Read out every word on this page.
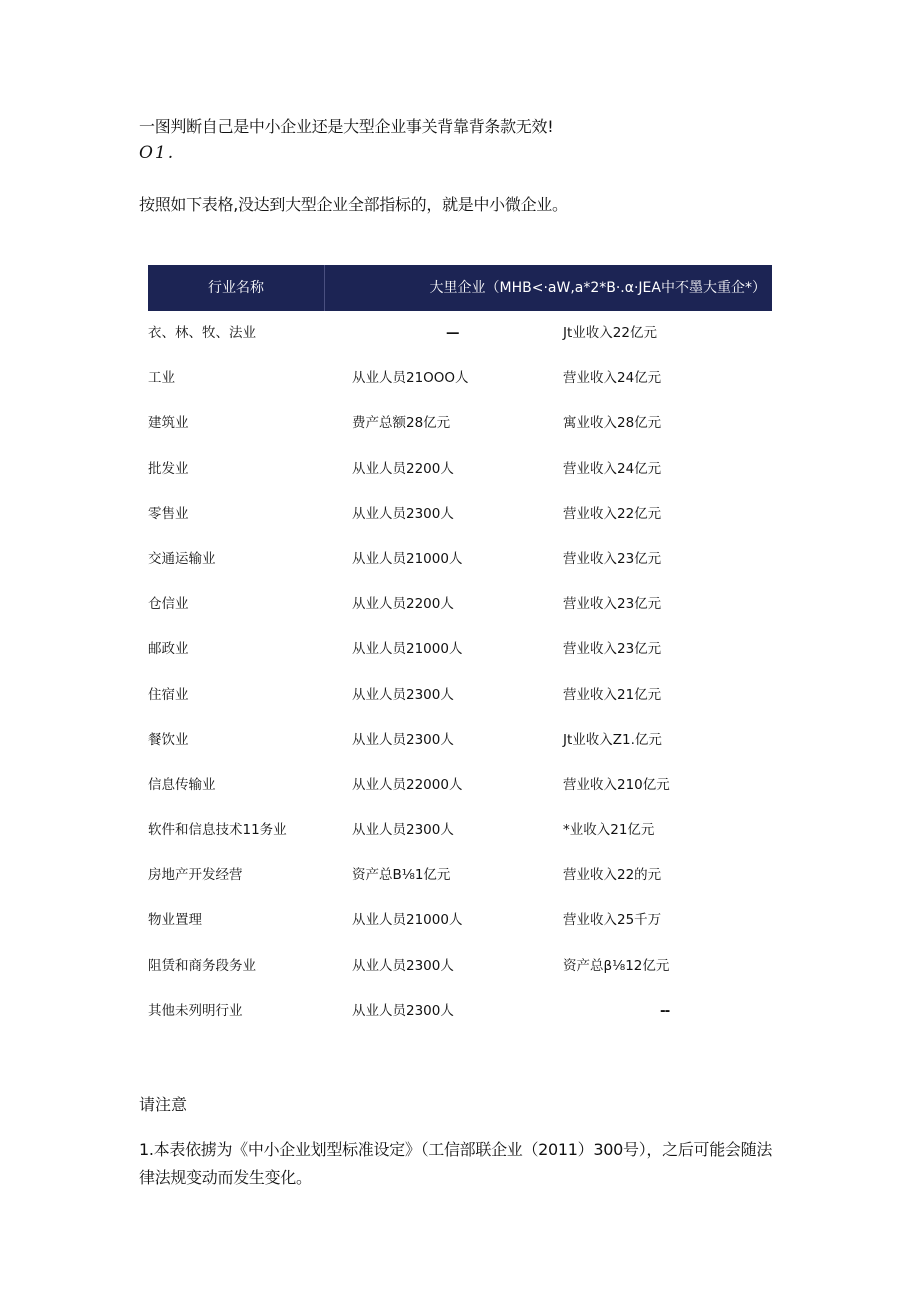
一图判断自己是中小企业还是大型企业事关背靠背条款无效!
O1.
按照如下表格,没达到大型企业全部指标的，就是中小微企业。
行业名称	大里企业（MHB<·aW,a*2*B·.α·JEA中不墨大重企*）
衣、林、牧、法业	—	Jt业收入22亿元
工业	从业人员21OOO人	营业收入24亿元
建筑业	费产总额28亿元	寓业收入28亿元
批发业	从业人员2200人	营业收入24亿元
零售业	从业人员2300人	营业收入22亿元
交通运输业	从业人员21000人	营业收入23亿元
仓信业	从业人员2200人	营业收入23亿元
邮政业	从业人员21000人	营业收入23亿元
住宿业	从业人员2300人	营业收入21亿元
餐饮业	从业人员2300人	Jt业收入Z1.亿元
信息传输业	从业人员22000人	营业收入210亿元
软件和信息技术11务业	从业人员2300人	*业收入21亿元
房地产开发经营	资产总B⅛1亿元	营业收入22的元
物业置理	从业人员21000人	营业收入25千万
阻赁和商务段务业	从业人员2300人	资产总β⅛12亿元
其他未列明行业	从业人员2300人	--
请注意
1.本表依掳为《中小企业划型标准设定》（工信部联企业（2011）300号），之后可能会随法律法规变动而发生变化。
